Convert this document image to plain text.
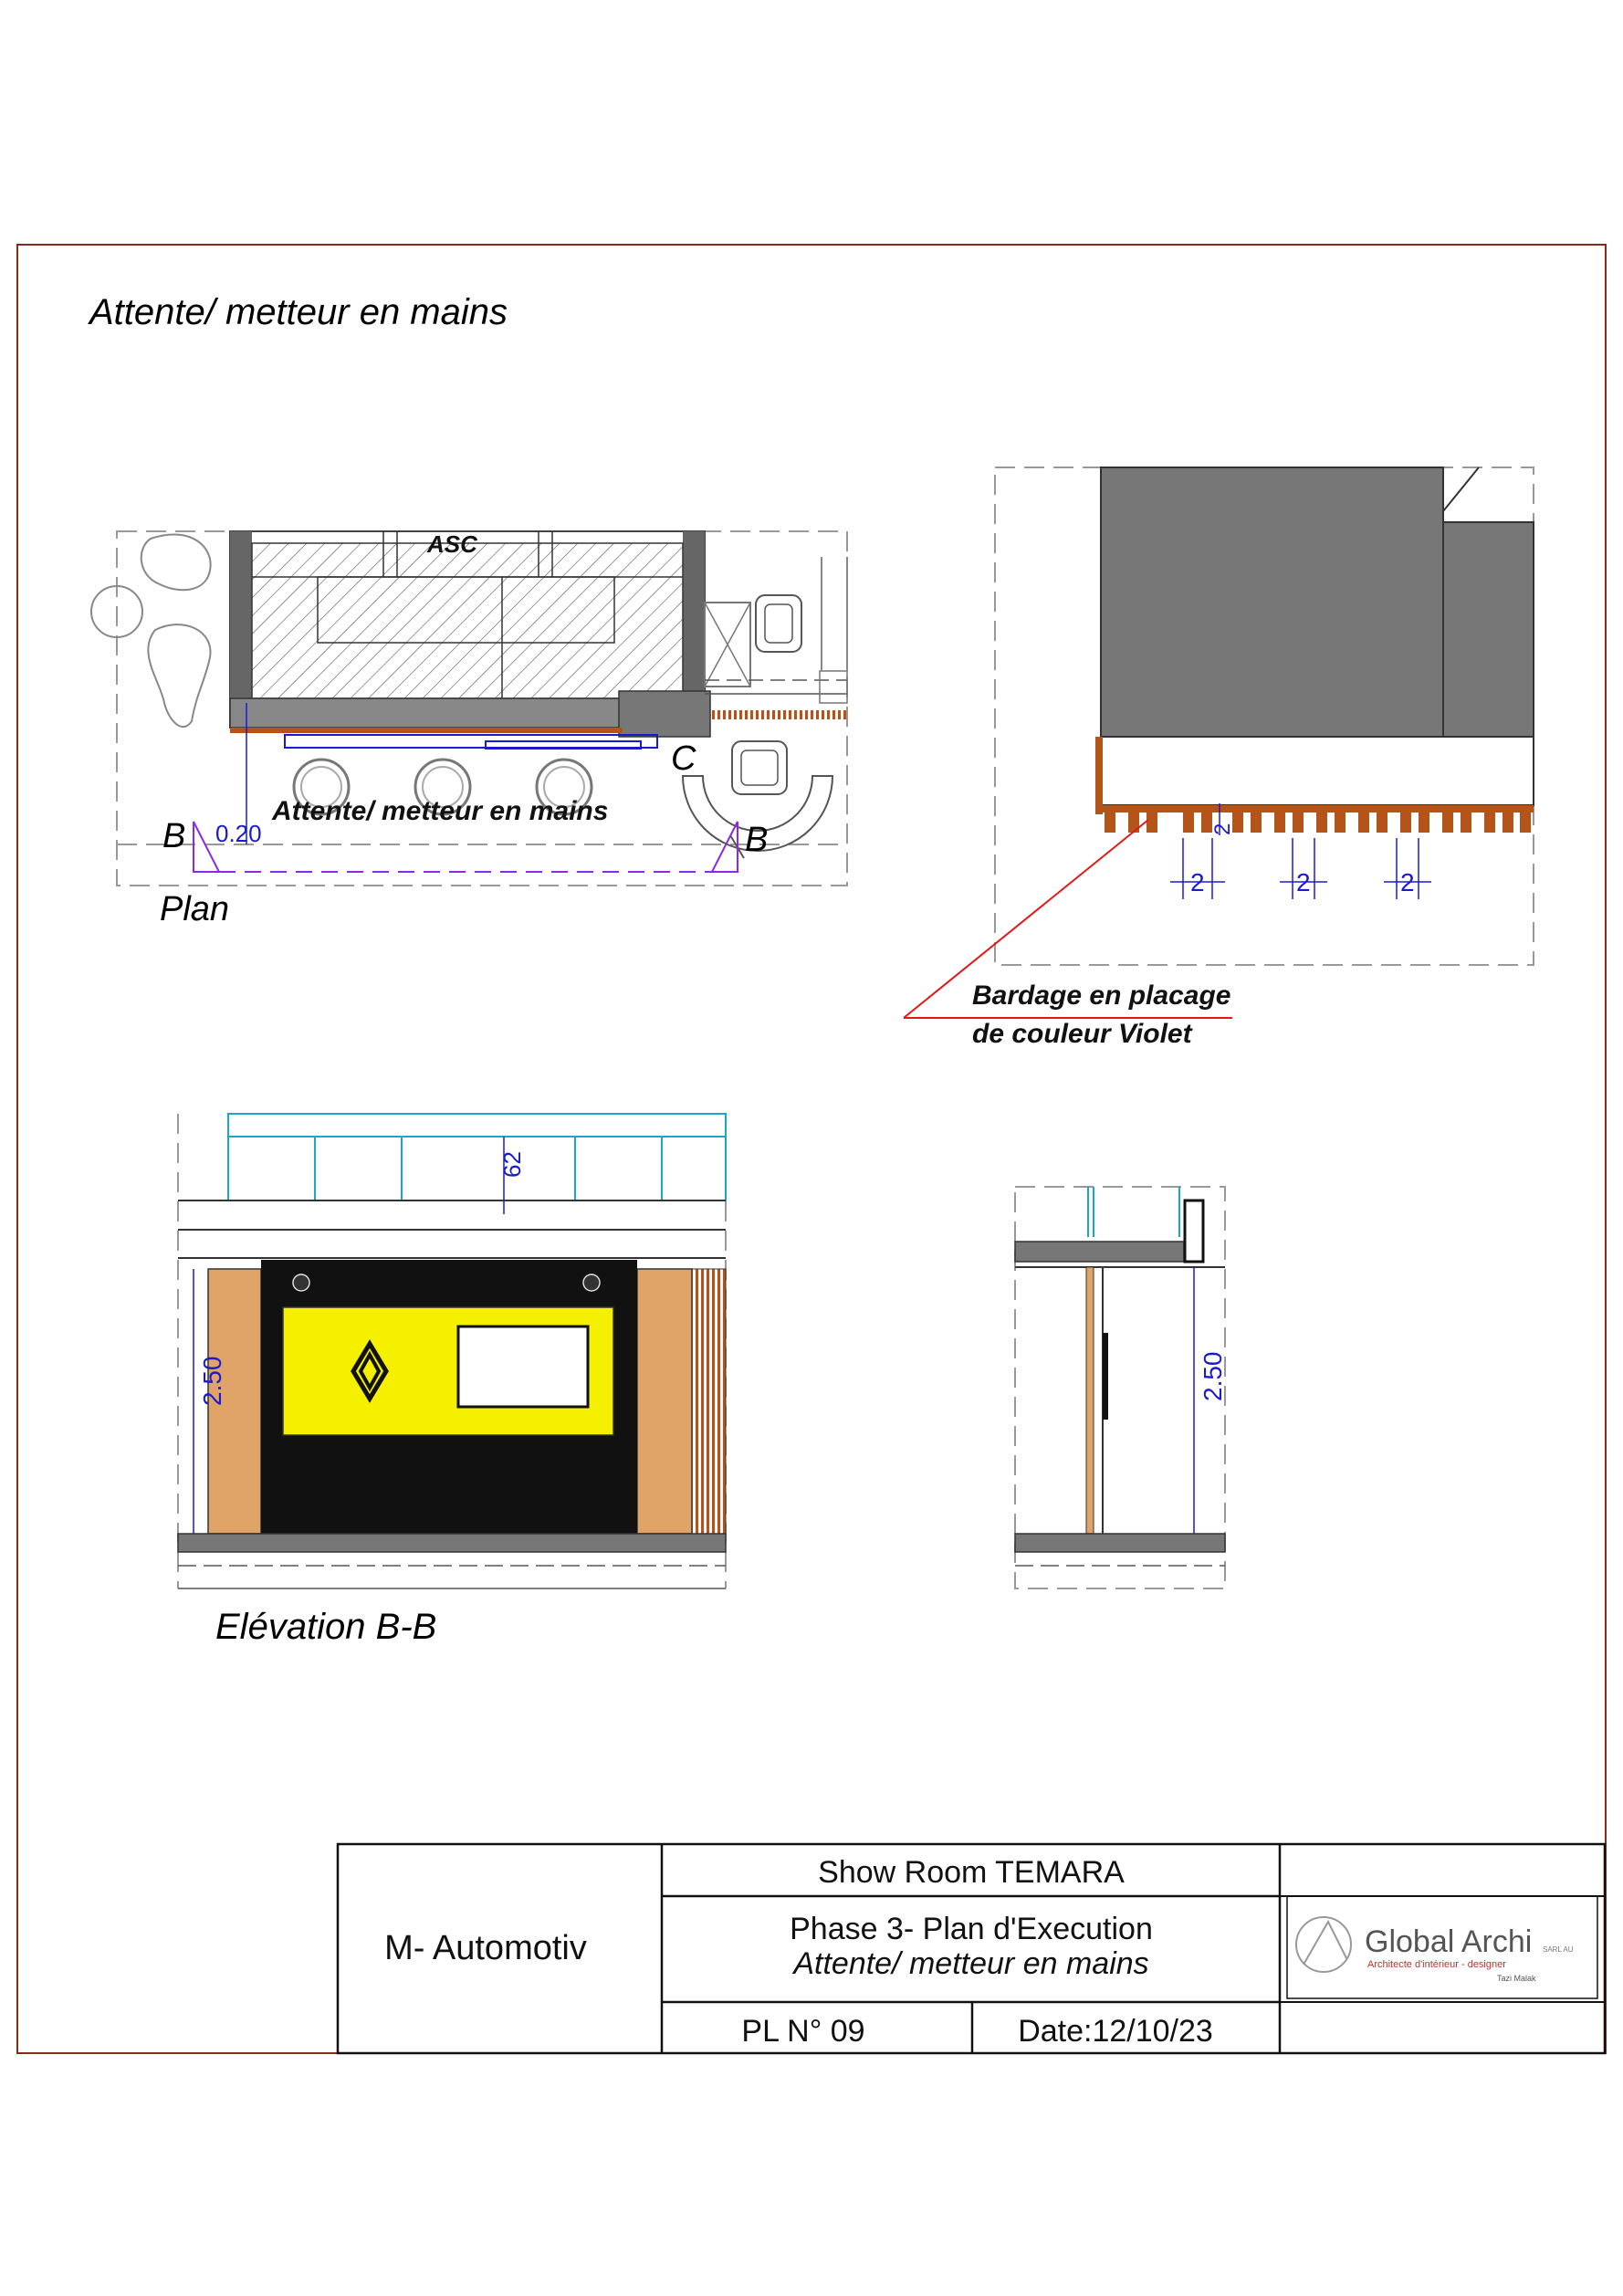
Attente/ metteur en mains
ASC
B	B
C
0.20
Attente/ metteur en mains
Plan
2
2	2	2
Bardage en placage
de couleur Violet
62
2.50
Elévation B-B
2.50
M- Automotiv
Show Room TEMARA
Phase 3- Plan d'Execution
Attente/ metteur en mains
PL N° 09	Date:12/10/23
Global Archi SARL AU
Architecte d'intérieur - designer
Tazi Malak
